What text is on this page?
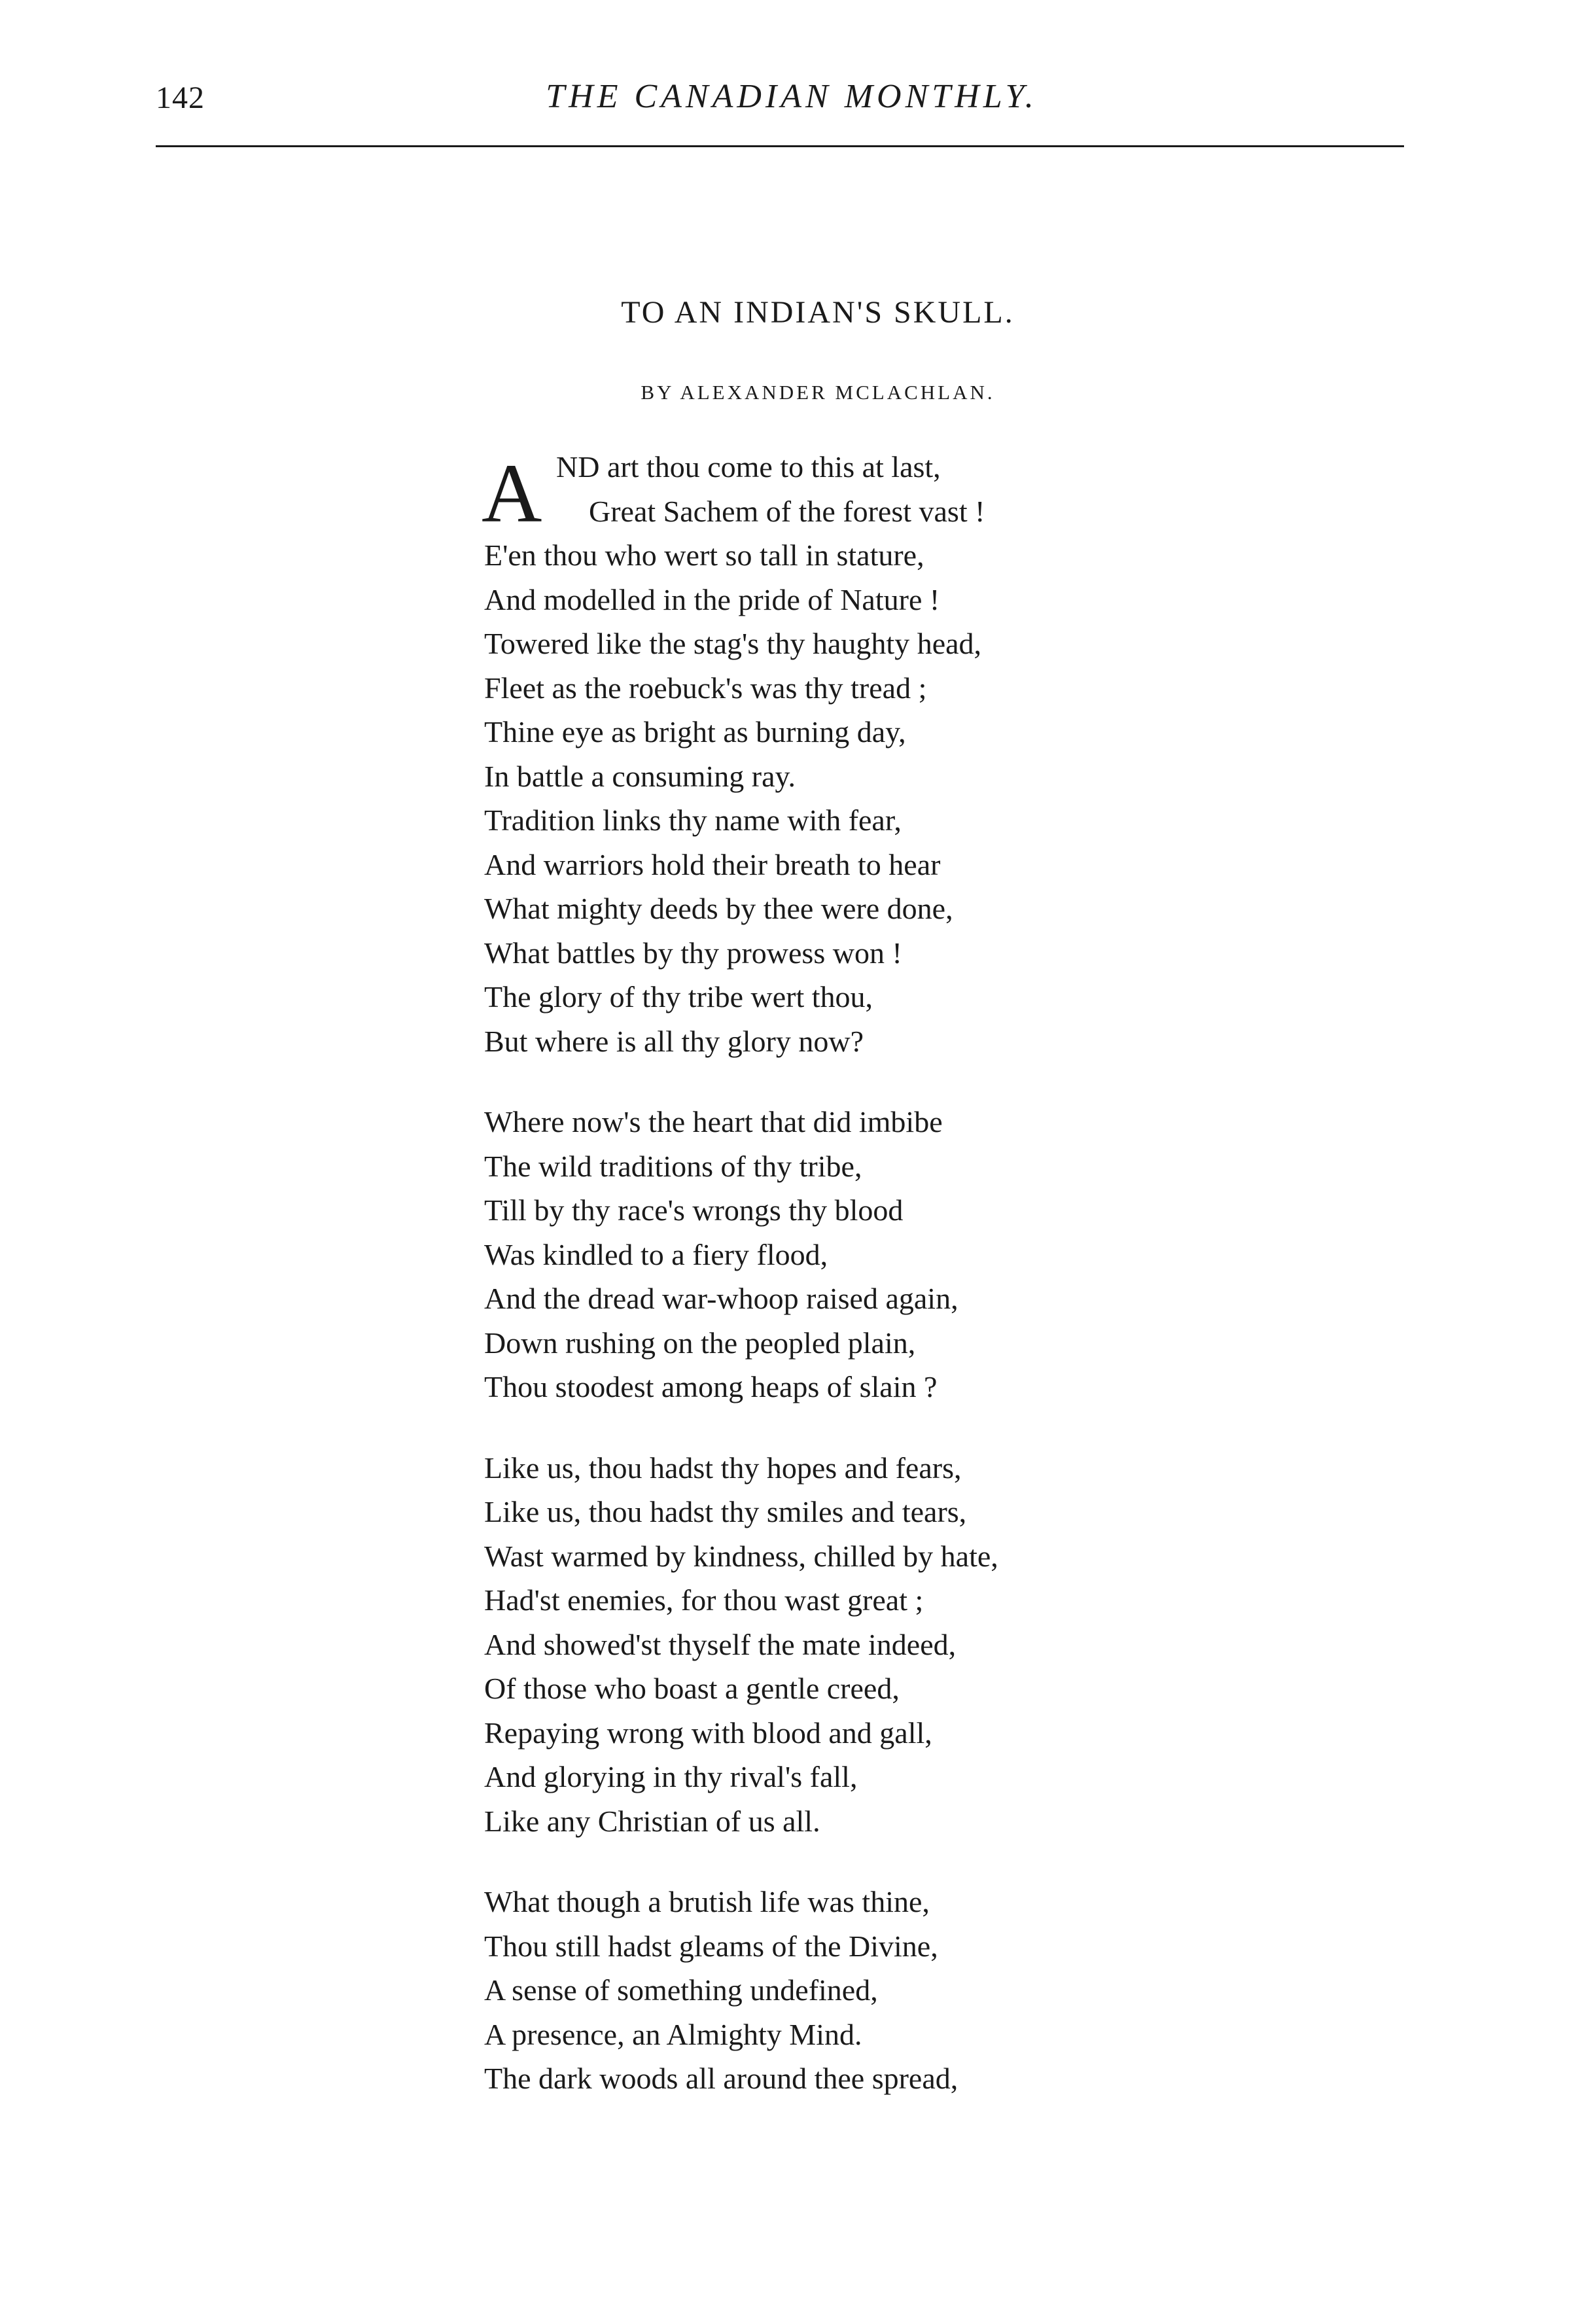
142	THE CANADIAN MONTHLY.
TO AN INDIAN'S SKULL.
BY ALEXANDER MCLACHLAN.
A ND art thou come to this at last,
Great Sachem of the forest vast !
E'en thou who wert so tall in stature,
And modelled in the pride of Nature !
Towered like the stag's thy haughty head,
Fleet as the roebuck's was thy tread ;
Thine eye as bright as burning day,
In battle a consuming ray.
Tradition links thy name with fear,
And warriors hold their breath to hear
What mighty deeds by thee were done,
What battles by thy prowess won !
The glory of thy tribe wert thou,
But where is all thy glory now?
Where now's the heart that did imbibe
The wild traditions of thy tribe,
Till by thy race's wrongs thy blood
Was kindled to a fiery flood,
And the dread war-whoop raised again,
Down rushing on the peopled plain,
Thou stoodest among heaps of slain ?
Like us, thou hadst thy hopes and fears,
Like us, thou hadst thy smiles and tears,
Wast warmed by kindness, chilled by hate,
Had'st enemies, for thou wast great ;
And showed'st thyself the mate indeed,
Of those who boast a gentle creed,
Repaying wrong with blood and gall,
And glorying in thy rival's fall,
Like any Christian of us all.
What though a brutish life was thine,
Thou still hadst gleams of the Divine,
A sense of something undefined,
A presence, an Almighty Mind.
The dark woods all around thee spread,
